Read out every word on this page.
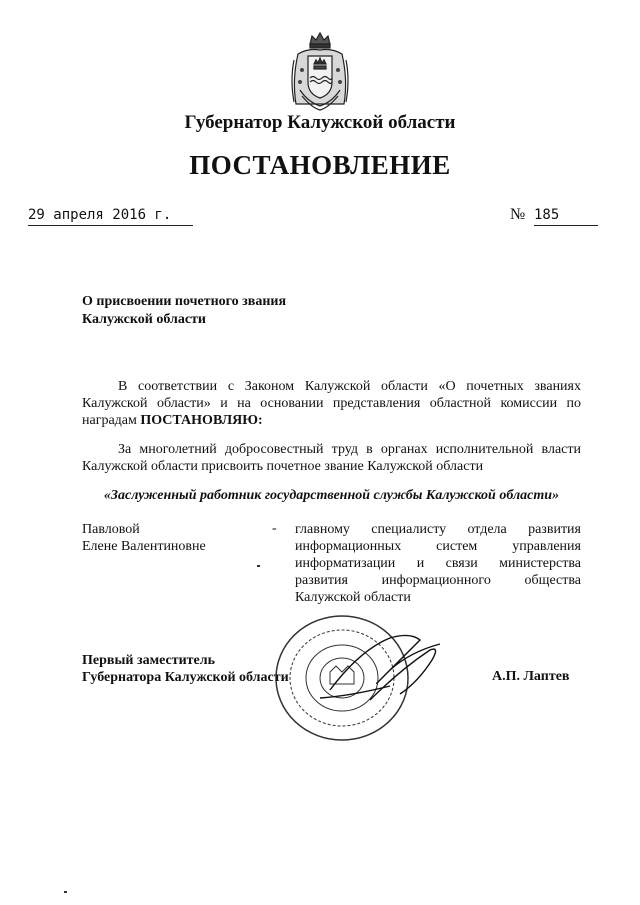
Губернатор Калужской области
ПОСТАНОВЛЕНИЕ
29 апреля 2016 г.	№ 185
О присвоении почетного звания
Калужской области
В соответствии с Законом Калужской области «О почетных званиях Калужской области» и на основании представления областной комиссии по наградам ПОСТАНОВЛЯЮ:
За многолетний добросовестный труд в органах исполнительной власти Калужской области присвоить почетное звание Калужской области
«Заслуженный работник государственной службы Калужской области»
Павловой
Елене Валентиновне
- главному специалисту отдела развития информационных систем управления информатизации и связи министерства развития информационного общества Калужской области
Первый заместитель
Губернатора Калужской области	А.П. Лаптев
